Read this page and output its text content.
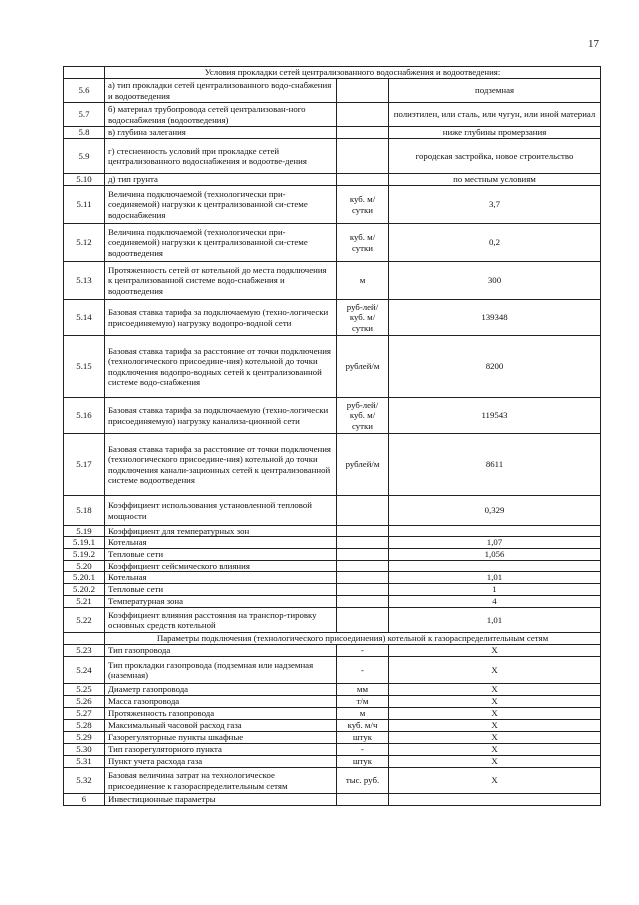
17
	Условия прокладки сетей централизованного водоснабжения и водоотведения:		
5.6	а) тип прокладки сетей централизованного водо-снабжения и водоотведения		подземная
5.7	б) материал трубопровода сетей централизован-ного водоснабжения (водоотведения)		полиэтилен, или сталь, или чугун, или иной материал
5.8	в) глубина залегания		ниже глубины промерзания
5.9	г) стесненность условий при прокладке сетей централизованного водоснабжения и водоотве-дения		городская застройка, новое строительство
5.10	д) тип грунта		по местным условиям
5.11	Величина подключаемой (технологически при-соединяемой) нагрузки к централизованной си-стеме водоснабжения	куб. м/сутки	3,7
5.12	Величина подключаемой (технологически при-соединяемой) нагрузки к централизованной си-стеме водоотведения	куб. м/сутки	0,2
5.13	Протяженность сетей от котельной до места подключения к централизованной системе водо-снабжения и водоотведения	м	300
5.14	Базовая ставка тарифа за подключаемую (техно-логически присоединяемую) нагрузку водопро-водной сети	руб-лей/куб. м/сутки	139348
5.15	Базовая ставка тарифа за расстояние от точки подключения (технологического присоедине-ния) котельной до точки подключения водопро-водных сетей к централизованной системе водо-снабжения	рублей/м	8200
5.16	Базовая ставка тарифа за подключаемую (техно-логически присоединяемую) нагрузку канализа-ционной сети	руб-лей/куб. м/сутки	119543
5.17	Базовая ставка тарифа за расстояние от точки подключения (технологического присоедине-ния) котельной до точки подключения канали-зационных сетей к централизованной системе водоотведения	рублей/м	8611
5.18	Коэффициент использования установленной тепловой мощности		0,329
5.19	Коэффициент для температурных зон		
5.19.1	Котельная		1,07
5.19.2	Тепловые сети		1,056
5.20	Коэффициент сейсмического влияния		
5.20.1	Котельная		1,01
5.20.2	Тепловые сети		1
5.21	Температурная зона		4
5.22	Коэффициент влияния расстояния на транспор-тировку основных средств котельной		1,01
	Параметры подключения (технологического присоединения) котельной к газораспределительным сетям		
5.23	Тип газопровода	-	X
5.24	Тип прокладки газопровода (подземная или надземная (наземная)	-	X
5.25	Диаметр газопровода	мм	X
5.26	Масса газопровода	т/м	X
5.27	Протяженность газопровода	м	X
5.28	Максимальный часовой расход газа	куб. м/ч	X
5.29	Газорегуляторные пункты шкафные	штук	X
5.30	Тип газорегуляторного пункта	-	X
5.31	Пункт учета расхода газа	штук	X
5.32	Базовая величина затрат на технологическое присоединение к газораспределительным сетям	тыс. руб.	X
6	Инвестиционные параметры		
